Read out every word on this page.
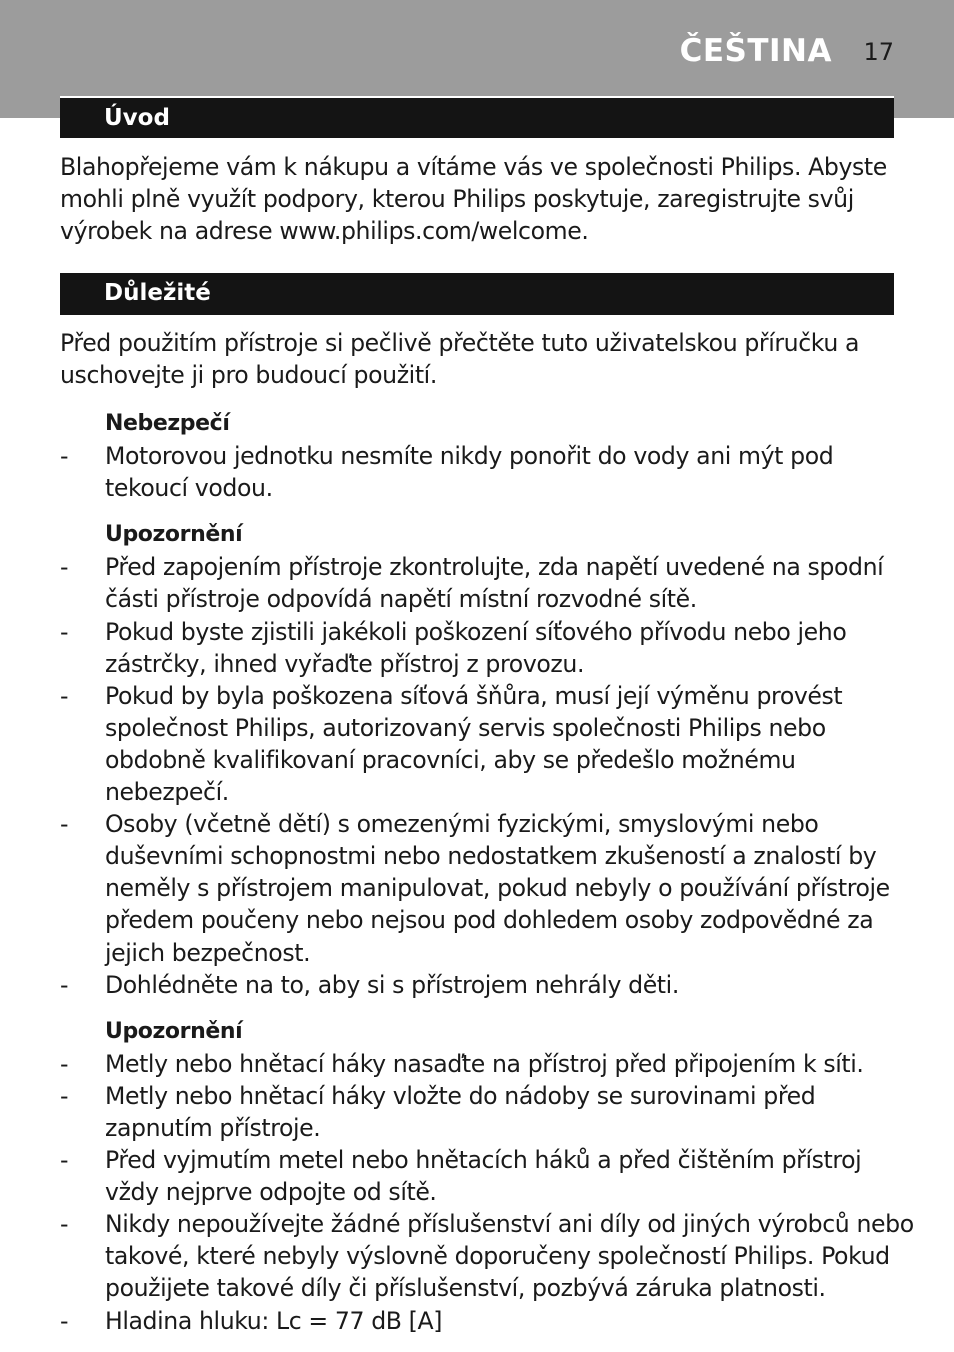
ČEŠTINA 17
Úvod
Blahopřejeme vám k nákupu a vítáme vás ve společnosti Philips. Abyste mohli plně využít podpory, kterou Philips poskytuje, zaregistrujte svůj výrobek na adrese www.philips.com/welcome.
Důležité
Před použitím přístroje si pečlivě přečtěte tuto uživatelskou příručku a uschovejte ji pro budoucí použití.
Nebezpečí
- Motorovou jednotku nesmíte nikdy ponořit do vody ani mýt pod tekoucí vodou.
Upozornění
- Před zapojením přístroje zkontrolujte, zda napětí uvedené na spodní části přístroje odpovídá napětí místní rozvodné sítě.
- Pokud byste zjistili jakékoli poškození síťového přívodu nebo jeho zástrčky, ihned vyřaďte přístroj z provozu.
- Pokud by byla poškozena síťová šňůra, musí její výměnu provést společnost Philips, autorizovaný servis společnosti Philips nebo obdobně kvalifikovaní pracovníci, aby se předešlo možnému nebezpečí.
- Osoby (včetně dětí) s omezenými fyzickými, smyslovými nebo duševními schopnostmi nebo nedostatkem zkušeností a znalostí by neměly s přístrojem manipulovat, pokud nebyly o používání přístroje předem poučeny nebo nejsou pod dohledem osoby zodpovědné za jejich bezpečnost.
- Dohlédněte na to, aby si s přístrojem nehrály děti.
Upozornění
- Metly nebo hnětací háky nasaďte na přístroj před připojením k síti.
- Metly nebo hnětací háky vložte do nádoby se surovinami před zapnutím přístroje.
- Před vyjmutím metel nebo hnětacích háků a před čištěním přístroj vždy nejprve odpojte od sítě.
- Nikdy nepoužívejte žádné příslušenství ani díly od jiných výrobců nebo takové, které nebyly výslovně doporučeny společností Philips. Pokud použijete takové díly či příslušenství, pozbývá záruka platnosti.
- Hladina hluku: Lc = 77 dB [A]
